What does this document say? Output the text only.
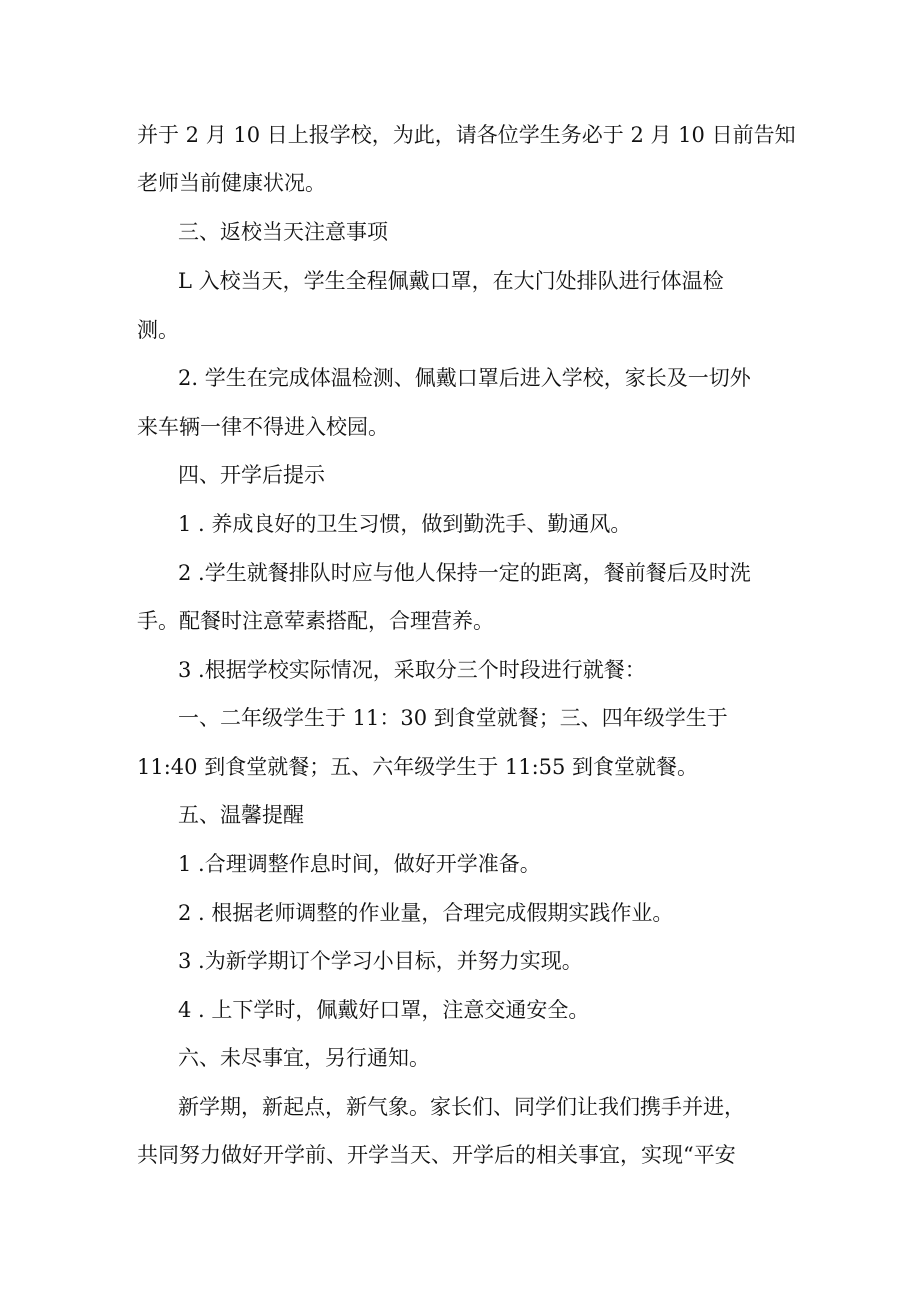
并于 2 月 10 日上报学校，为此，请各位学生务必于 2 月 10 日前告知
老师当前健康状况。
三、返校当天注意事项
L 入校当天，学生全程佩戴口罩，在大门处排队进行体温检
测。
2. 学生在完成体温检测、佩戴口罩后进入学校，家长及一切外
来车辆一律不得进入校园。
四、开学后提示
1 . 养成良好的卫生习惯，做到勤洗手、勤通风。
2 .学生就餐排队时应与他人保持一定的距离，餐前餐后及时洗
手。配餐时注意荤素搭配，合理营养。
3 .根据学校实际情况，采取分三个时段进行就餐：
一、二年级学生于 11：30 到食堂就餐；三、四年级学生于
11:40 到食堂就餐；五、六年级学生于 11:55 到食堂就餐。
五、温馨提醒
1 .合理调整作息时间，做好开学准备。
2 . 根据老师调整的作业量，合理完成假期实践作业。
3 .为新学期订个学习小目标，并努力实现。
4 . 上下学时，佩戴好口罩，注意交通安全。
六、未尽事宜，另行通知。
新学期，新起点，新气象。家长们、同学们让我们携手并进，
共同努力做好开学前、开学当天、开学后的相关事宜，实现“平安
